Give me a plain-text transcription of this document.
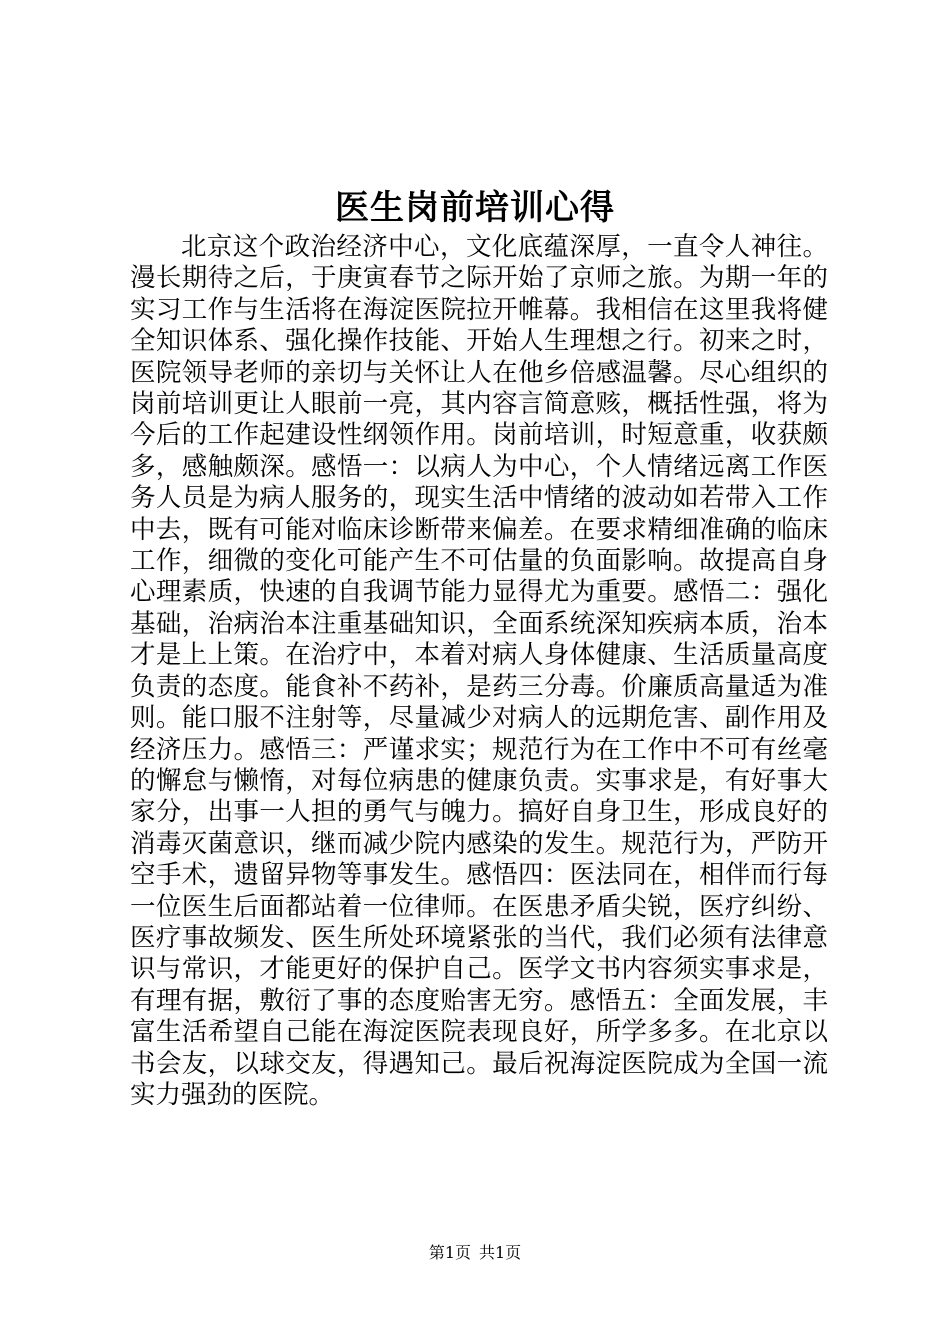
医生岗前培训心得

北京这个政治经济中心，文化底蕴深厚，一直令人神往。漫长期待之后，于庚寅春节之际开始了京师之旅。为期一年的实习工作与生活将在海淀医院拉开帷幕。我相信在这里我将健全知识体系、强化操作技能、开始人生理想之行。初来之时，医院领导老师的亲切与关怀让人在他乡倍感温馨。尽心组织的岗前培训更让人眼前一亮，其内容言简意赅，概括性强，将为今后的工作起建设性纲领作用。岗前培训，时短意重，收获颇多，感触颇深。感悟一：以病人为中心，个人情绪远离工作医务人员是为病人服务的，现实生活中情绪的波动如若带入工作中去，既有可能对临床诊断带来偏差。在要求精细准确的临床工作，细微的变化可能产生不可估量的负面影响。故提高自身心理素质，快速的自我调节能力显得尤为重要。感悟二：强化基础，治病治本注重基础知识，全面系统深知疾病本质，治本才是上上策。在治疗中，本着对病人身体健康、生活质量高度负责的态度。能食补不药补，是药三分毒。价廉质高量适为准则。能口服不注射等，尽量减少对病人的远期危害、副作用及经济压力。感悟三：严谨求实；规范行为在工作中不可有丝毫的懈怠与懒惰，对每位病患的健康负责。实事求是，有好事大家分，出事一人担的勇气与魄力。搞好自身卫生，形成良好的消毒灭菌意识，继而减少院内感染的发生。规范行为，严防开空手术，遗留异物等事发生。感悟四：医法同在，相伴而行每一位医生后面都站着一位律师。在医患矛盾尖锐，医疗纠纷、医疗事故频发、医生所处环境紧张的当代，我们必须有法律意识与常识，才能更好的保护自己。医学文书内容须实事求是，有理有据，敷衍了事的态度贻害无穷。感悟五：全面发展，丰富生活希望自己能在海淀医院表现良好，所学多多。在北京以书会友，以球交友，得遇知己。最后祝海淀医院成为全国一流实力强劲的医院。

第1页 共1页
